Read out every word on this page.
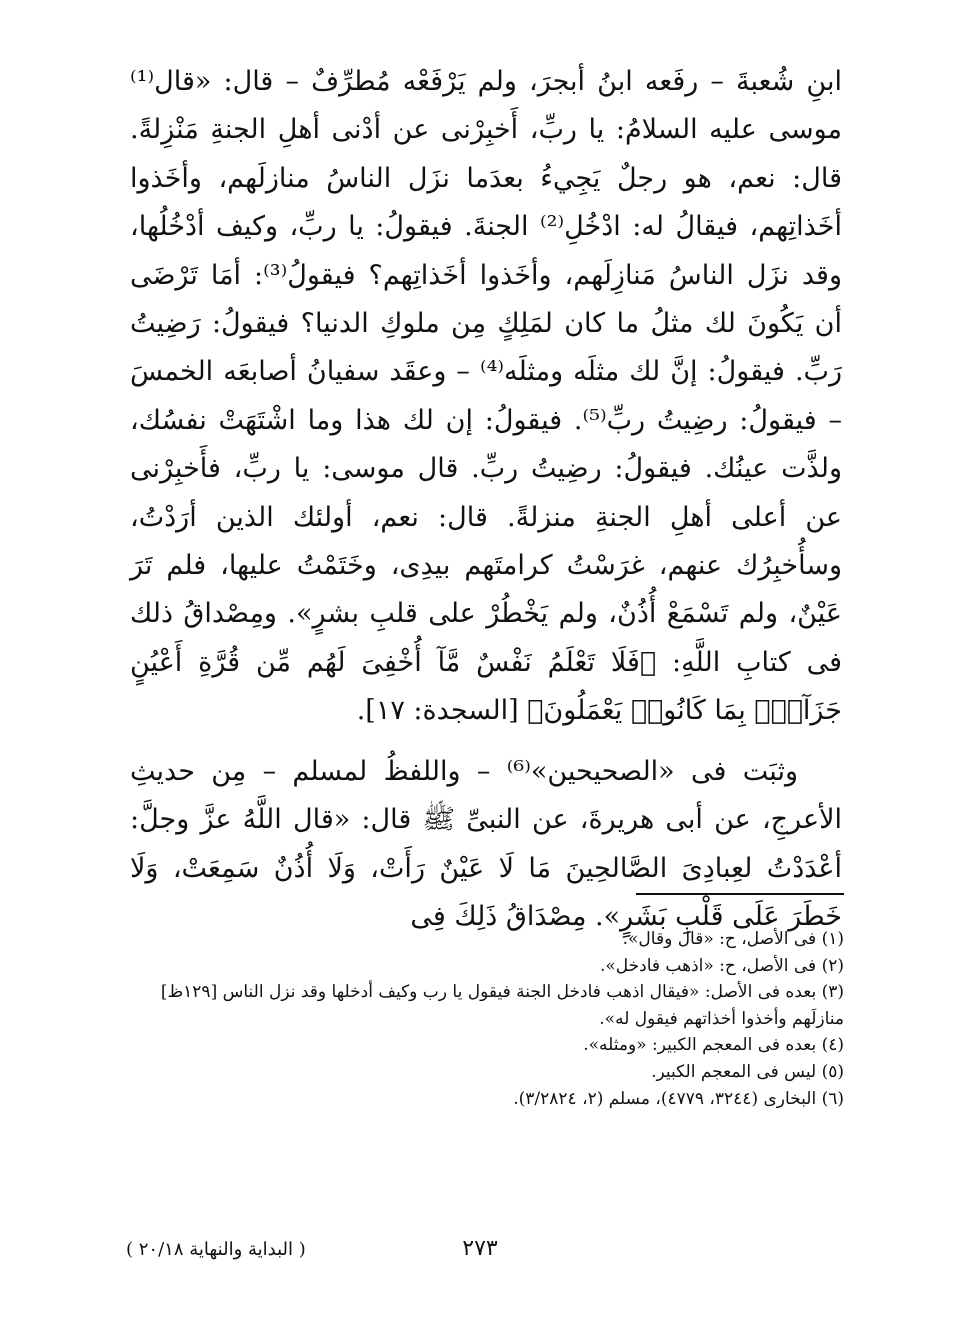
ابنِ شُعبةَ – رفَعه ابنُ أبجرَ، ولم يَرْفَعْه مُطرِّفٌ – قال: «قال⁽¹⁾ موسى عليه السلامُ: يا ربِّ، أَخبِرْنى عن أدْنى أهلِ الجنةِ مَنْزِلةً. قال: نعم، هو رجلٌ يَجِيءُ بعدَما نزَل الناسُ منازلَهم، وأخَذوا أخَذاتِهم، فيقالُ له: ادْخُلِ⁽²⁾ الجنةَ. فيقولُ: يا ربِّ، وكيف أدْخُلُها، وقد نزَل الناسُ مَنازِلَهم، وأخَذوا أخَذاتِهم؟ فيقولُ⁽³⁾: أمَا تَرْضَى أن يَكُونَ لك مثلُ ما كان لمَلِكٍ مِن ملوكِ الدنيا؟ فيقولُ: رَضِيتُ رَبِّ. فيقولُ: إنَّ لك مثلَه ومثلَه⁽⁴⁾ – وعقَد سفيانُ أصابعَه الخمسَ – فيقولُ: رضِيتُ ربِّ⁽⁵⁾. فيقولُ: إن لك هذا وما اشْتَهَتْ نفسُك، ولذَّت عينُك. فيقولُ: رضِيتُ ربِّ. قال موسى: يا ربِّ، فأَخبِرْنى عن أعلى أهلِ الجنةِ منزلةً. قال: نعم، أولئك الذين أرَدْتُ، وسأُخبِرُك عنهم، غرَسْتُ كرامتَهم بيدِى، وخَتَمْتُ عليها، فلم تَرَ عَيْنٌ، ولم تَسْمَعْ أُذُنٌ، ولم يَخْطُرْ على قلبِ بشرٍ». ومِصْداقُ ذلك فى كتابِ اللَّهِ: ﴿فَلَا تَعْلَمُ نَفْسٌ مَّآ أُخْفِىَ لَهُم مِّن قُرَّةِ أَعْيُنٍ جَزَآءًۢ بِمَا كَانُوا۟ يَعْمَلُونَ﴾ [السجدة: ١٧].

وثبَت فى «الصحيحين»⁽⁶⁾ – واللفظُ لمسلم – مِن حديثِ الأعرجِ، عن أبى هريرةَ، عن النبىِّ ﷺ قال: «قال اللَّهُ عزَّ وجلَّ: أعْدَدْتُ لعِبادِىَ الصَّالحِينَ مَا لَا عَيْنٌ رَأَتْ، وَلَا أُذُنٌ سَمِعَتْ، وَلَا خَطَرَ عَلَى قَلْبِ بَشَرٍ». مِصْدَاقُ ذَلِكَ فِى

(١) فى الأصل، ح: «قال وقال».

(٢) فى الأصل، ح: «اذهب فادخل».

(٣) بعده فى الأصل: «فيقال اذهب فادخل الجنة فيقول يا رب وكيف أدخلها وقد نزل الناس [١٢٩ظ] منازلَهم وأخذوا أخذاتهم فيقول له».

(٤) بعده فى المعجم الكبير: «ومثله».

(٥) ليس فى المعجم الكبير.

(٦) البخارى (٣٢٤٤، ٤٧٧٩)، مسلم (٢، ٣/٢٨٢٤).

٢٧٣
( البداية والنهاية ٢٠/١٨ )
